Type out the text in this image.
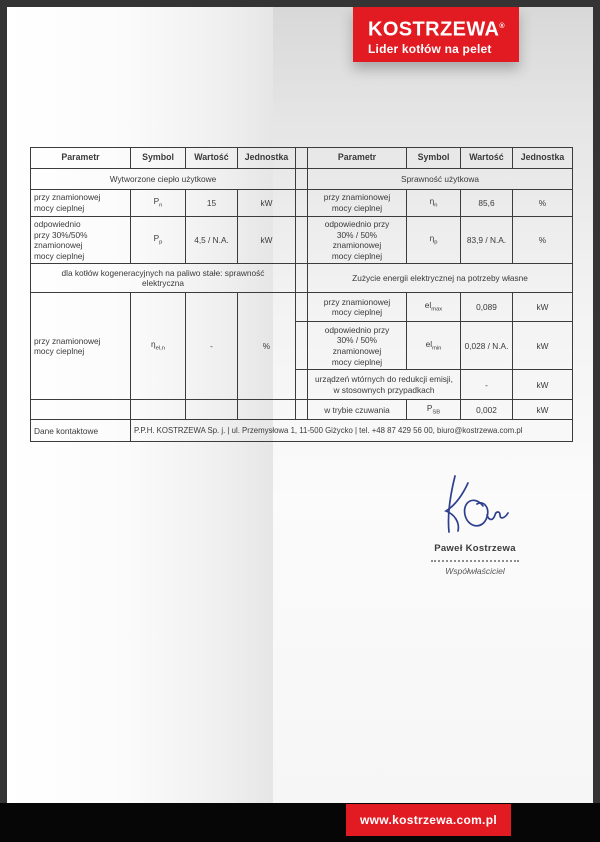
KOSTRZEWA®
Lider kotłów na pelet
Parametr	Symbol	Wartość	Jednostka		Parametr	Symbol	Wartość	Jednostka
Wytworzone ciepło użytkowe					Sprawność użytkowa			

przy znamionowej mocy cieplnej	$P_n$	15	kW		przy znamionowej mocy cieplnej	$\eta_n$	85,6	%

odpowiednio przy 30%/50% znamionowej mocy cieplnej	$P_p$	4,5 / N.A.	kW		odpowiednio przy 30% / 50% znamionowej mocy cieplnej	$\eta_p$	83,9 / N.A.	%

dla kotłów kogeneracyjnych na paliwo stałe: sprawność elektryczna					Zużycie energii elektrycznej na potrzeby własne			

przy znamionowej mocy cieplnej	$\eta_{el,n}$	-	%		przy znamionowej mocy cieplnej	$el_{max}$	0,089	kW

					odpowiednio przy 30% / 50% znamionowej mocy cieplnej	$el_{min}$	0,028 / N.A.	kW
					urządzeń wtórnych do redukcji emisji, w stosownych przypadkach		-	kW
					w trybie czuwania	$P_{SB}$	0,002	kW
Dane kontaktowe	P.P.H. KOSTRZEWA Sp. j. | ul. Przemysłowa 1, 11-500 Giżycko | tel. +48 87 429 56 00, biuro@kostrzewa.com.pl							
Paweł Kostrzewa
Współwłaściciel
www.kostrzewa.com.pl
